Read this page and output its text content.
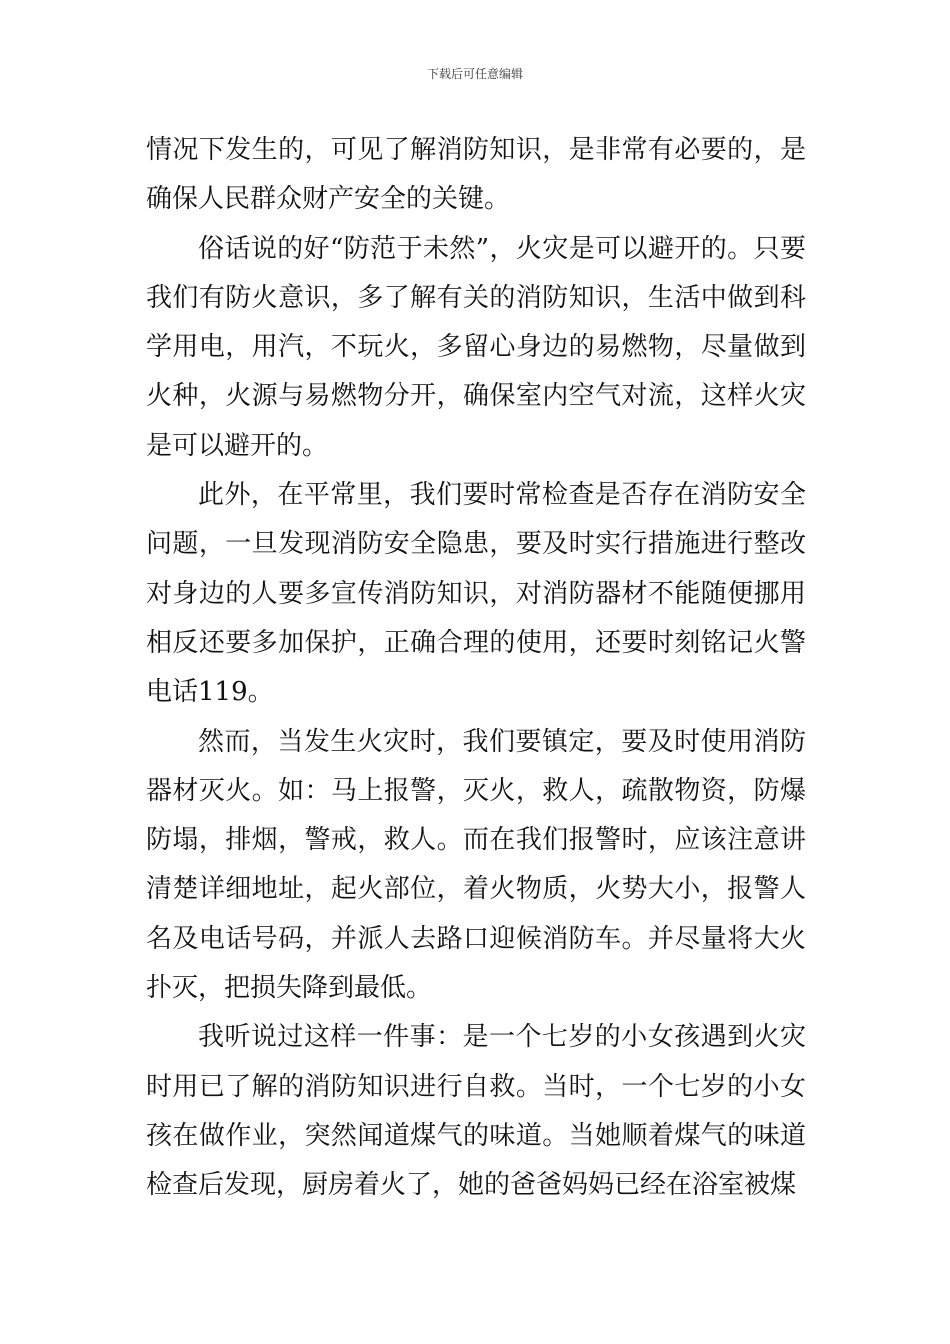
下载后可任意编辑

情况下发生的，可见了解消防知识，是非常有必要的，是确保人民群众财产安全的关键。

俗话说的好“防范于未然”，火灾是可以避开的。只要我们有防火意识，多了解有关的消防知识，生活中做到科学用电，用汽，不玩火，多留心身边的易燃物，尽量做到火种，火源与易燃物分开，确保室内空气对流，这样火灾是可以避开的。

此外，在平常里，我们要时常检查是否存在消防安全问题，一旦发现消防安全隐患，要及时实行措施进行整改对身边的人要多宣传消防知识，对消防器材不能随便挪用相反还要多加保护，正确合理的使用，还要时刻铭记火警电话119。

然而，当发生火灾时，我们要镇定，要及时使用消防器材灭火。如：马上报警，灭火，救人，疏散物资，防爆防塌，排烟，警戒，救人。而在我们报警时，应该注意讲清楚详细地址，起火部位，着火物质，火势大小，报警人名及电话号码，并派人去路口迎候消防车。并尽量将大火扑灭，把损失降到最低。

我听说过这样一件事：是一个七岁的小女孩遇到火灾时用已了解的消防知识进行自救。当时，一个七岁的小女孩在做作业，突然闻道煤气的味道。当她顺着煤气的味道检查后发现，厨房着火了，她的爸爸妈妈已经在浴室被煤
